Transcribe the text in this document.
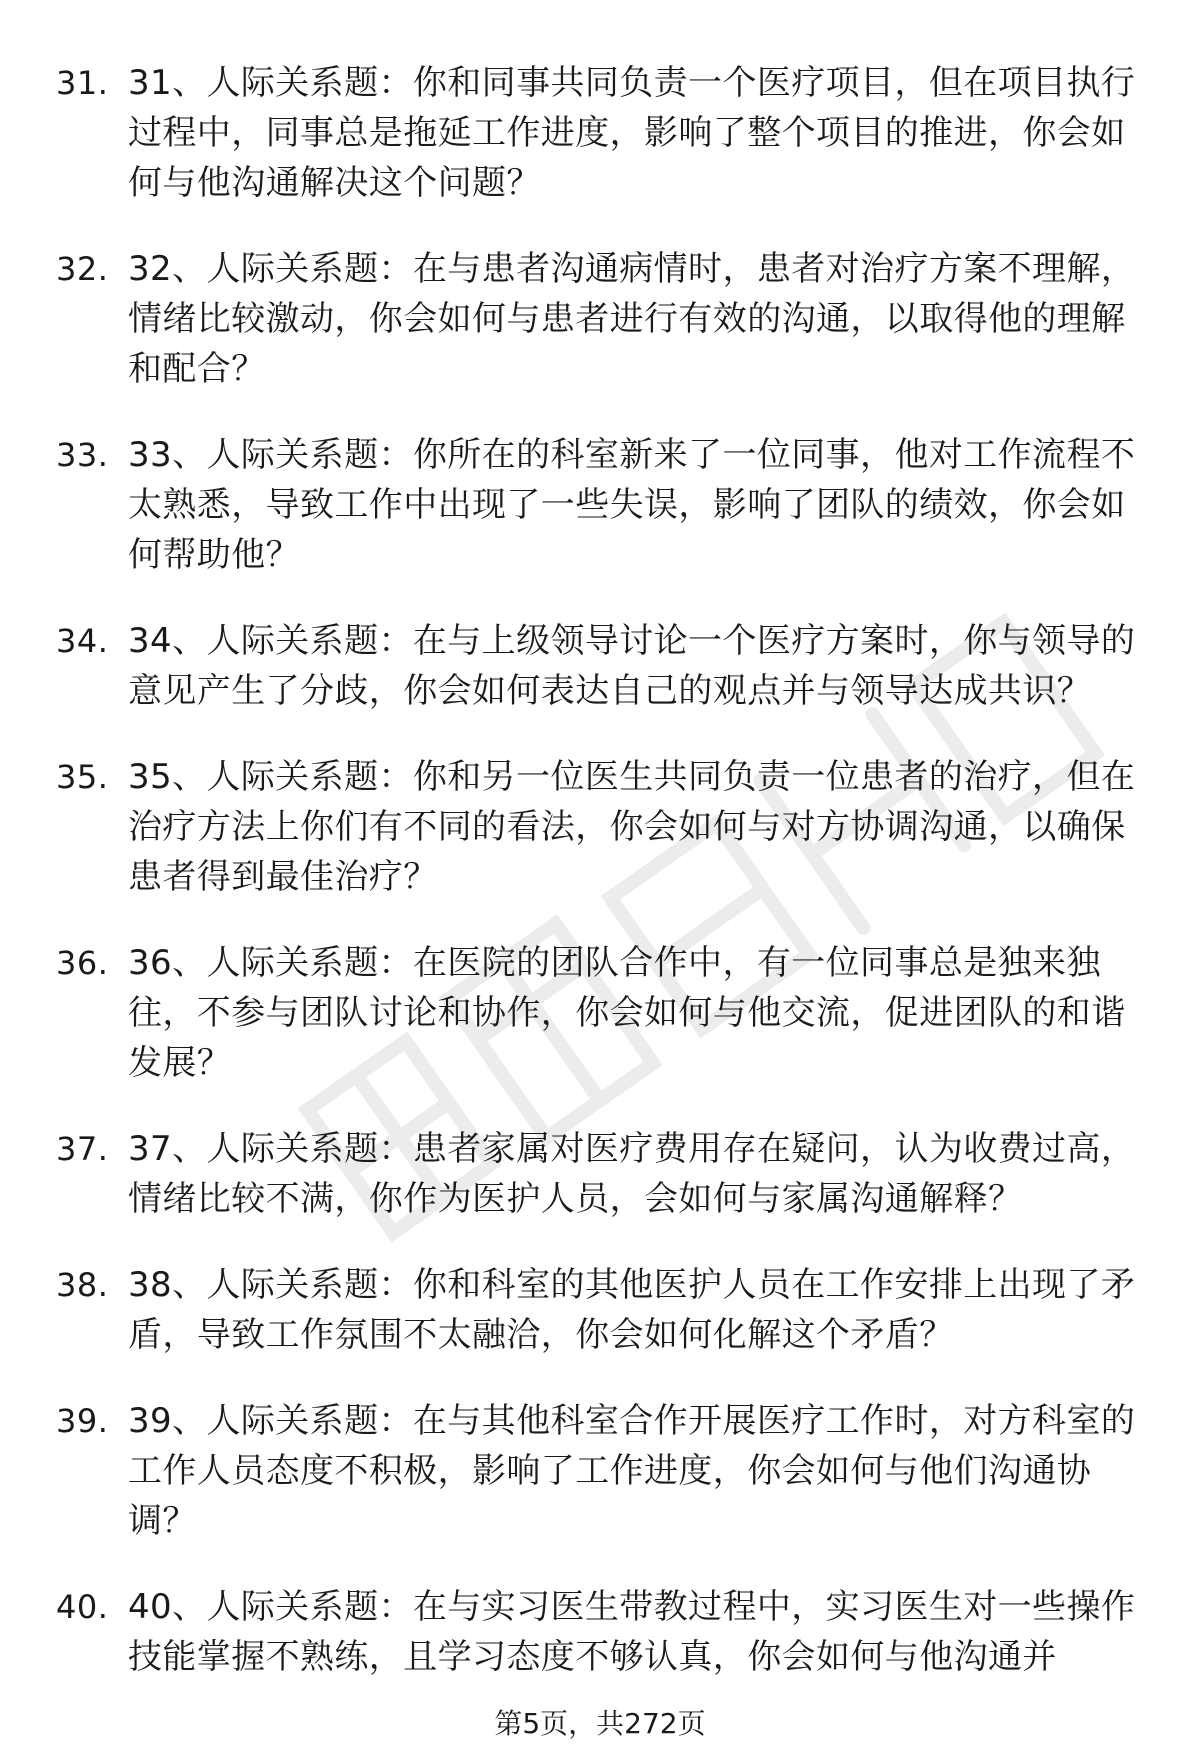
31. 31、人际关系题：你和同事共同负责一个医疗项目，但在项目执行过程中，同事总是拖延工作进度，影响了整个项目的推进，你会如何与他沟通解决这个问题？
32. 32、人际关系题：在与患者沟通病情时，患者对治疗方案不理解，情绪比较激动，你会如何与患者进行有效的沟通，以取得他的理解和配合？
33. 33、人际关系题：你所在的科室新来了一位同事，他对工作流程不太熟悉，导致工作中出现了一些失误，影响了团队的绩效，你会如何帮助他？
34. 34、人际关系题：在与上级领导讨论一个医疗方案时，你与领导的意见产生了分歧，你会如何表达自己的观点并与领导达成共识？
35. 35、人际关系题：你和另一位医生共同负责一位患者的治疗，但在治疗方法上你们有不同的看法，你会如何与对方协调沟通，以确保患者得到最佳治疗？
36. 36、人际关系题：在医院的团队合作中，有一位同事总是独来独往，不参与团队讨论和协作，你会如何与他交流，促进团队的和谐发展？
37. 37、人际关系题：患者家属对医疗费用存在疑问，认为收费过高，情绪比较不满，你作为医护人员，会如何与家属沟通解释？
38. 38、人际关系题：你和科室的其他医护人员在工作安排上出现了矛盾，导致工作氛围不太融洽，你会如何化解这个矛盾？
39. 39、人际关系题：在与其他科室合作开展医疗工作时，对方科室的工作人员态度不积极，影响了工作进度，你会如何与他们沟通协调？
40. 40、人际关系题：在与实习医生带教过程中，实习医生对一些操作技能掌握不熟练，且学习态度不够认真，你会如何与他沟通并
第5页，共272页
